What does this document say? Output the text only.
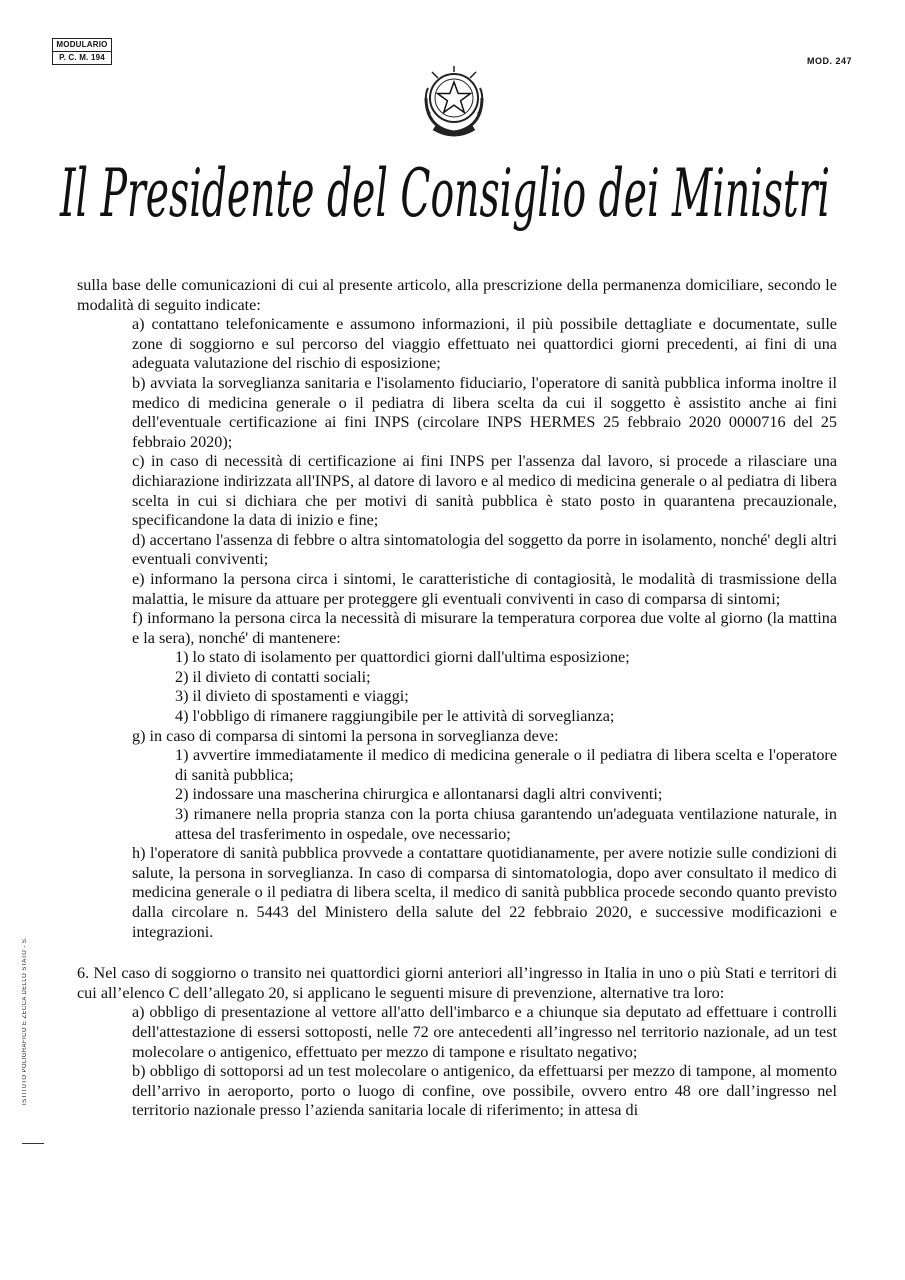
MODULARIO
P. C. M. 194	MOD. 247
Il Presidente del Consiglio dei Ministri
ISTITUTO POLIGRAFICO E ZECCA DELLO STATO - S.

sulla base delle comunicazioni di cui al presente articolo, alla prescrizione della permanenza domiciliare, secondo le modalità di seguito indicate:

a) contattano telefonicamente e assumono informazioni, il più possibile dettagliate e documentate, sulle zone di soggiorno e sul percorso del viaggio effettuato nei quattordici giorni precedenti, ai fini di una adeguata valutazione del rischio di esposizione;

b) avviata la sorveglianza sanitaria e l'isolamento fiduciario, l'operatore di sanità pubblica informa inoltre il medico di medicina generale o il pediatra di libera scelta da cui il soggetto è assistito anche ai fini dell'eventuale certificazione ai fini INPS (circolare INPS HERMES 25 febbraio 2020 0000716 del 25 febbraio 2020);

c) in caso di necessità di certificazione ai fini INPS per l'assenza dal lavoro, si procede a rilasciare una dichiarazione indirizzata all'INPS, al datore di lavoro e al medico di medicina generale o al pediatra di libera scelta in cui si dichiara che per motivi di sanità pubblica è stato posto in quarantena precauzionale, specificandone la data di inizio e fine;

d) accertano l'assenza di febbre o altra sintomatologia del soggetto da porre in isolamento, nonché' degli altri eventuali conviventi;

e) informano la persona circa i sintomi, le caratteristiche di contagiosità, le modalità di trasmissione della malattia, le misure da attuare per proteggere gli eventuali conviventi in caso di comparsa di sintomi;

f) informano la persona circa la necessità di misurare la temperatura corporea due volte al giorno (la mattina e la sera), nonché' di mantenere:

1) lo stato di isolamento per quattordici giorni dall'ultima esposizione;

2) il divieto di contatti sociali;

3) il divieto di spostamenti e viaggi;

4) l'obbligo di rimanere raggiungibile per le attività di sorveglianza;

g) in caso di comparsa di sintomi la persona in sorveglianza deve:

1) avvertire immediatamente il medico di medicina generale o il pediatra di libera scelta e l'operatore di sanità pubblica;

2) indossare una mascherina chirurgica e allontanarsi dagli altri conviventi;

3) rimanere nella propria stanza con la porta chiusa garantendo un'adeguata ventilazione naturale, in attesa del trasferimento in ospedale, ove necessario;

h) l'operatore di sanità pubblica provvede a contattare quotidianamente, per avere notizie sulle condizioni di salute, la persona in sorveglianza. In caso di comparsa di sintomatologia, dopo aver consultato il medico di medicina generale o il pediatra di libera scelta, il medico di sanità pubblica procede secondo quanto previsto dalla circolare n. 5443 del Ministero della salute del 22 febbraio 2020, e successive modificazioni e integrazioni.

6. Nel caso di soggiorno o transito nei quattordici giorni anteriori all’ingresso in Italia in uno o più Stati e territori di cui all’elenco C dell’allegato 20, si applicano le seguenti misure di prevenzione, alternative tra loro:

a) obbligo di presentazione al vettore all'atto dell'imbarco e a chiunque sia deputato ad effettuare i controlli dell'attestazione di essersi sottoposti, nelle 72 ore antecedenti all’ingresso nel territorio nazionale, ad un test molecolare o antigenico, effettuato per mezzo di tampone e risultato negativo;

b) obbligo di sottoporsi ad un test molecolare o antigenico, da effettuarsi per mezzo di tampone, al momento dell’arrivo in aeroporto, porto o luogo di confine, ove possibile, ovvero entro 48 ore dall’ingresso nel territorio nazionale presso l’azienda sanitaria locale di riferimento; in attesa di
